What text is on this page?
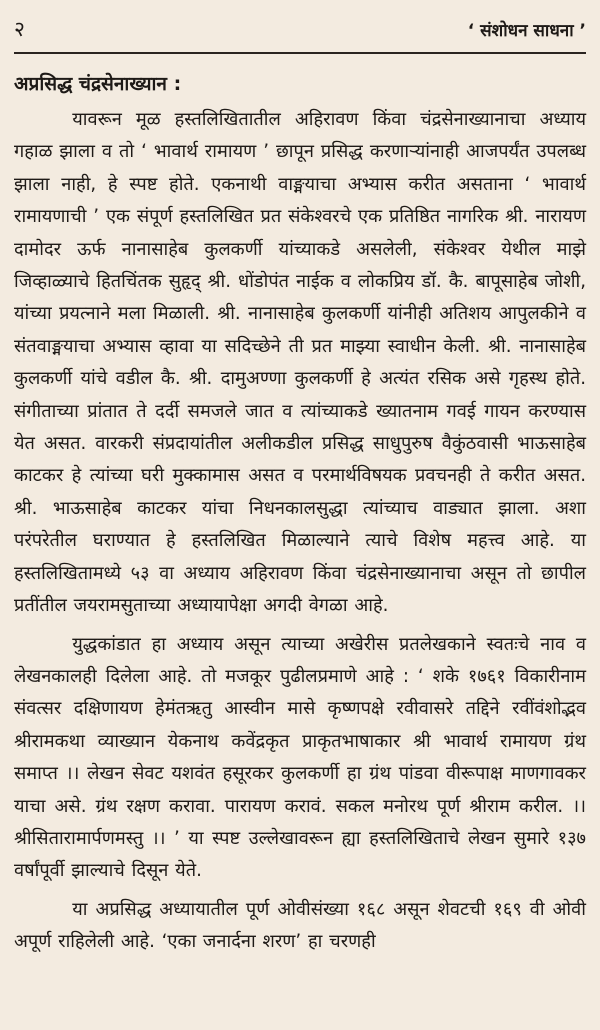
२	‘ संशोधन साधना ’
अप्रसिद्ध चंद्रसेनाख्यान :

यावरून मूळ हस्तलिखितातील अहिरावण किंवा चंद्रसेनाख्यानाचा अध्याय गहाळ झाला व तो ‘ भावार्थ रामायण ’ छापून प्रसिद्ध करणाऱ्यांनाही आजपर्यंत उपलब्ध झाला नाही, हे स्पष्ट होते. एकनाथी वाङ्मयाचा अभ्यास करीत असताना ‘ भावार्थ रामायणाची ’ एक संपूर्ण हस्तलिखित प्रत संकेश्वरचे एक प्रतिष्ठित नागरिक श्री. नारायण दामोदर ऊर्फ नानासाहेब कुलकर्णी यांच्याकडे असलेली, संकेश्वर येथील माझे जिव्हाळ्याचे हितचिंतक सुहृद् श्री. धोंडोपंत नाईक व लोकप्रिय डॉ. कै. बापूसाहेब जोशी, यांच्या प्रयत्नाने मला मिळाली. श्री. नानासाहेब कुलकर्णी यांनीही अतिशय आपुलकीने व संतवाङ्मयाचा अभ्यास व्हावा या सदिच्छेने ती प्रत माझ्या स्वाधीन केली. श्री. नानासाहेब कुलकर्णी यांचे वडील कै. श्री. दामुअण्णा कुलकर्णी हे अत्यंत रसिक असे गृहस्थ होते. संगीताच्या प्रांतात ते दर्दी समजले जात व त्यांच्याकडे ख्यातनाम गवई गायन करण्यास येत असत. वारकरी संप्रदायांतील अलीकडील प्रसिद्ध साधुपुरुष वैकुंठवासी भाऊसाहेब काटकर हे त्यांच्या घरी मुक्कामास असत व परमार्थविषयक प्रवचनही ते करीत असत. श्री. भाऊसाहेब काटकर यांचा निधनकालसुद्धा त्यांच्याच वाड्यात झाला. अशा परंपरेतील घराण्यात हे हस्तलिखित मिळाल्याने त्याचे विशेष महत्त्व आहे. या हस्तलिखितामध्ये ५३ वा अध्याय अहिरावण किंवा चंद्रसेनाख्यानाचा असून तो छापील प्रतींतील जयरामसुताच्या अध्यायापेक्षा अगदी वेगळा आहे.

युद्धकांडात हा अध्याय असून त्याच्या अखेरीस प्रतलेखकाने स्वतःचे नाव व लेखनकालही दिलेला आहे. तो मजकूर पुढीलप्रमाणे आहे : ‘ शके १७६१ विकारीनाम संवत्सर दक्षिणायण हेमंतऋतु आस्वीन मासे कृष्णपक्षे रवीवासरे तद्दिने रवींवंशोद्भव श्रीरामकथा व्याख्यान येकनाथ कवेंद्रकृत प्राकृतभाषाकार श्री भावार्थ रामायण ग्रंथ समाप्त ।। लेखन सेवट यशवंत हसूरकर कुलकर्णी हा ग्रंथ पांडवा वीरूपाक्ष माणगावकर याचा असे. ग्रंथ रक्षण करावा. पारायण करावं. सकल मनोरथ पूर्ण श्रीराम करील. ।। श्रीसितारामार्पणमस्तु ।। ’ या स्पष्ट उल्लेखावरून ह्या हस्तलिखिताचे लेखन सुमारे १३७ वर्षांपूर्वी झाल्याचे दिसून येते.

या अप्रसिद्ध अध्यायातील पूर्ण ओवीसंख्या १६८ असून शेवटची १६९ वी ओवी अपूर्ण राहिलेली आहे. ‘एका जनार्दना शरण’ हा चरणही
